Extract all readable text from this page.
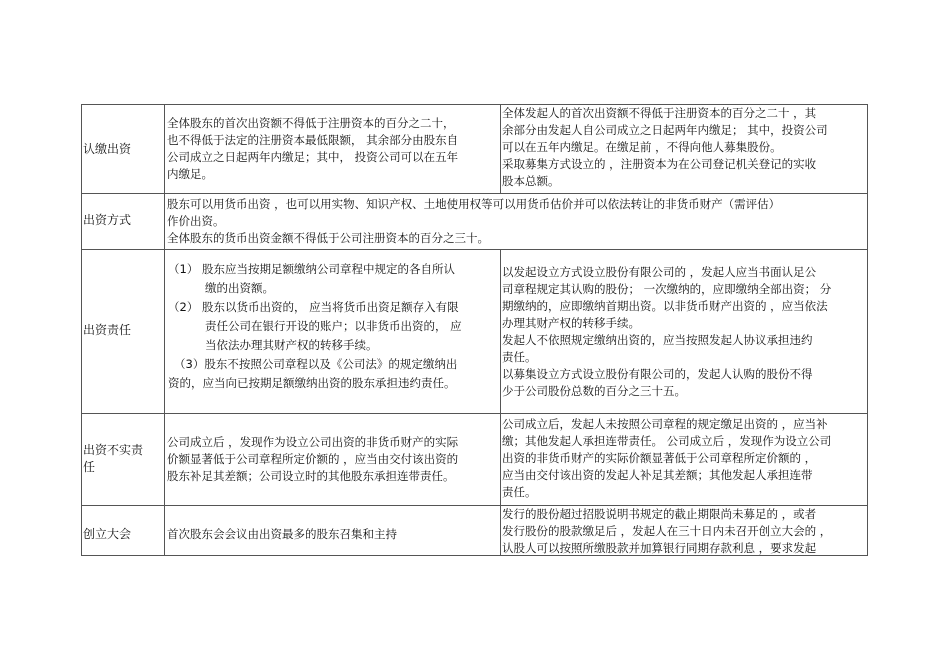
认缴出资

全体股东的首次出资额不得低于注册资本的百分之二十，

也不得低于法定的注册资本最低限额， 其余部分由股东自

公司成立之日起两年内缴足；其中， 投资公司可以在五年

内缴足。

全体发起人的首次出资额不得低于注册资本的百分之二十 ，其

余部分由发起人自公司成立之日起两年内缴足； 其中，投资公司

可以在五年内缴足。在缴足前 ，不得向他人募集股份。

采取募集方式设立的 ，注册资本为在公司登记机关登记的实收

股本总额。

出资方式

股东可以用货币出资 ，也可以用实物、知识产权、土地使用权等可以用货币估价并可以依法转让的非货币财产（需评估）

作价出资。

全体股东的货币出资金额不得低于公司注册资本的百分之三十。

出资责任

（1） 股东应当按期足额缴纳公司章程中规定的各自所认

缴的出资额。

（2） 股东以货币出资的， 应当将货币出资足额存入有限

责任公司在银行开设的账户；以非货币出资的， 应

当依法办理其财产权的转移手续。

（3）股东不按照公司章程以及《公司法》的规定缴纳出

资的，应当向已按期足额缴纳出资的股东承担违约责任。

以发起设立方式设立股份有限公司的 ，发起人应当书面认足公

司章程规定其认购的股份； 一次缴纳的，应即缴纳全部出资； 分

期缴纳的，应即缴纳首期出资。以非货币财产出资的 ，应当依法

办理其财产权的转移手续。

发起人不依照规定缴纳出资的，应当按照发起人协议承担违约

责任。

以募集设立方式设立股份有限公司的，发起人认购的股份不得

少于公司股份总数的百分之三十五。

出资不实责

任

公司成立后 ，发现作为设立公司出资的非货币财产的实际

价额显著低于公司章程所定价额的 ，应当由交付该出资的

股东补足其差额；公司设立时的其他股东承担连带责任。

公司成立后，发起人未按照公司章程的规定缴足出资的 ，应当补

缴；其他发起人承担连带责任。 公司成立后 ，发现作为设立公司

出资的非货币财产的实际价额显著低于公司章程所定价额的 ，

应当由交付该出资的发起人补足其差额；其他发起人承担连带

责任。

创立大会	首次股东会会议由出资最多的股东召集和主持

发行的股份超过招股说明书规定的截止期限尚未募足的 ，或者

发行股份的股款缴足后 ，发起人在三十日内未召开创立大会的 ，

认股人可以按照所缴股款并加算银行同期存款利息 ，要求发起
